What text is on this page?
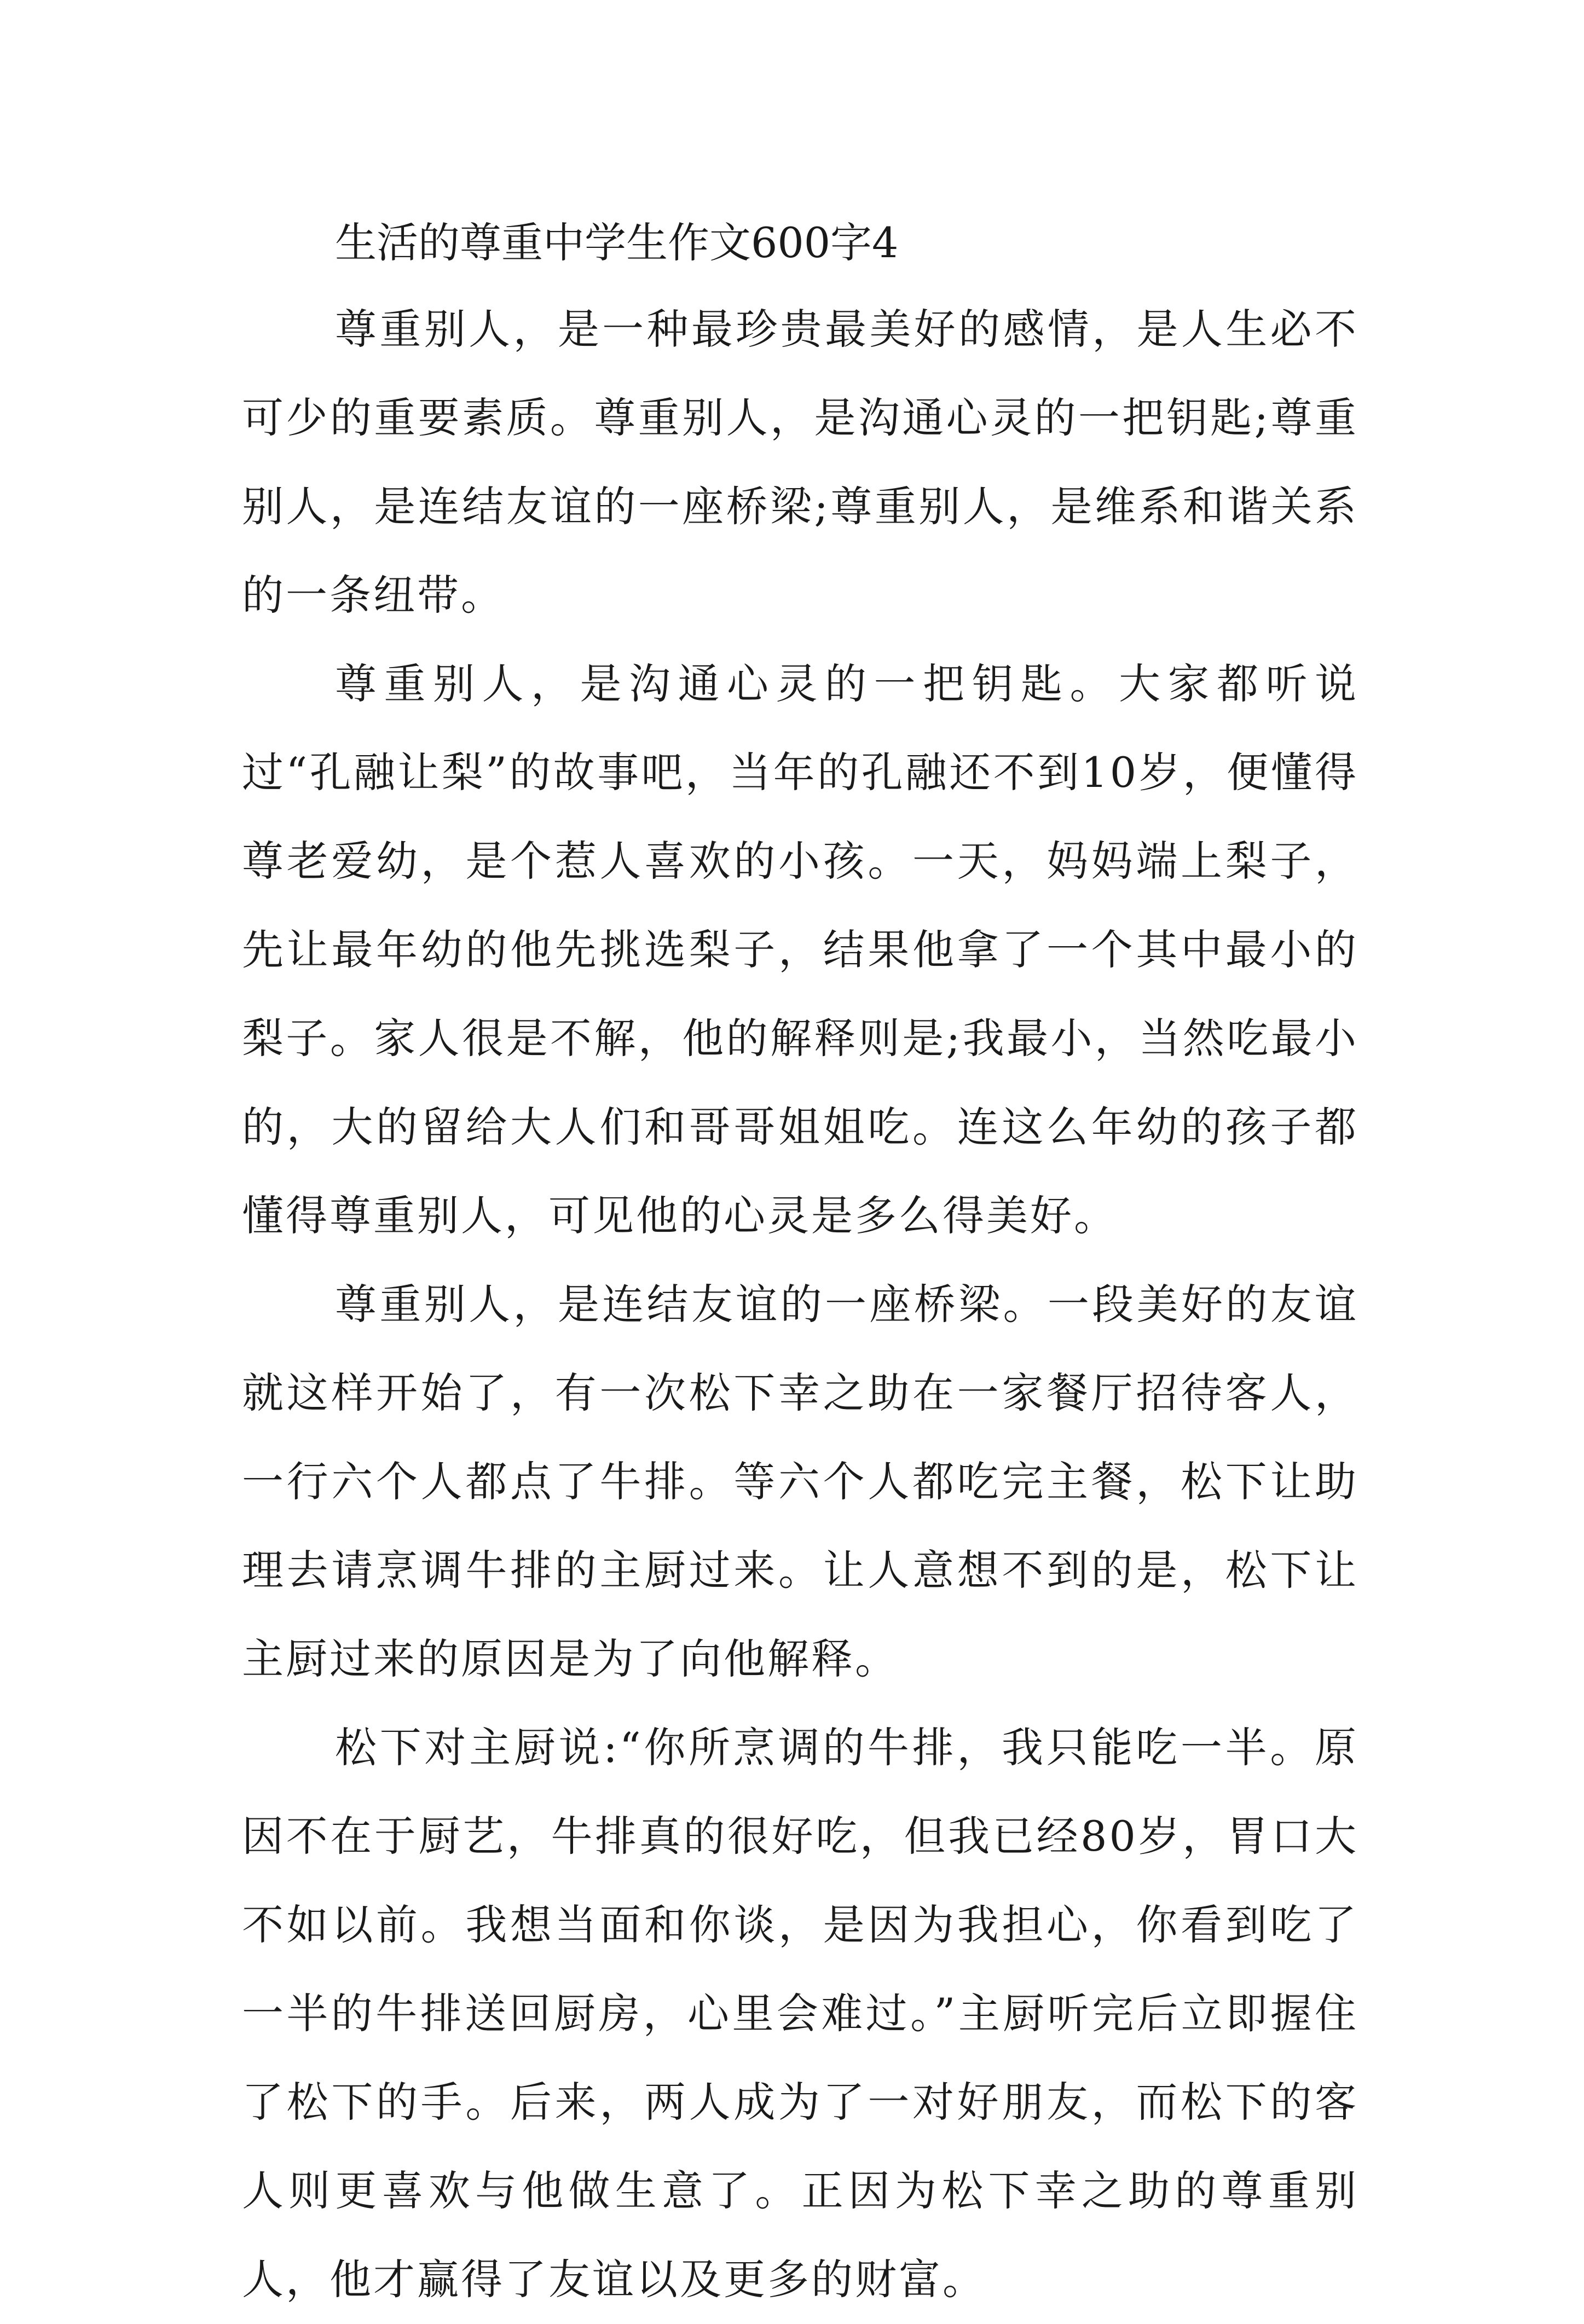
生活的尊重中学生作文600字4

尊重别人，是一种最珍贵最美好的感情，是人生必不可少的重要素质。尊重别人，是沟通心灵的一把钥匙;尊重别人，是连结友谊的一座桥梁;尊重别人，是维系和谐关系的一条纽带。

尊重别人，是沟通心灵的一把钥匙。大家都听说过“孔融让梨”的故事吧，当年的孔融还不到10岁，便懂得尊老爱幼，是个惹人喜欢的小孩。一天，妈妈端上梨子，先让最年幼的他先挑选梨子，结果他拿了一个其中最小的梨子。家人很是不解，他的解释则是;我最小，当然吃最小的，大的留给大人们和哥哥姐姐吃。连这么年幼的孩子都懂得尊重别人，可见他的心灵是多么得美好。

尊重别人，是连结友谊的一座桥梁。一段美好的友谊就这样开始了，有一次松下幸之助在一家餐厅招待客人，一行六个人都点了牛排。等六个人都吃完主餐，松下让助理去请烹调牛排的主厨过来。让人意想不到的是，松下让主厨过来的原因是为了向他解释。

松下对主厨说:“你所烹调的牛排，我只能吃一半。原因不在于厨艺，牛排真的很好吃，但我已经80岁，胃口大不如以前。我想当面和你谈，是因为我担心，你看到吃了一半的牛排送回厨房，心里会难过。”主厨听完后立即握住了松下的手。后来，两人成为了一对好朋友，而松下的客人则更喜欢与他做生意了。正因为松下幸之助的尊重别人，他才赢得了友谊以及更多的财富。
